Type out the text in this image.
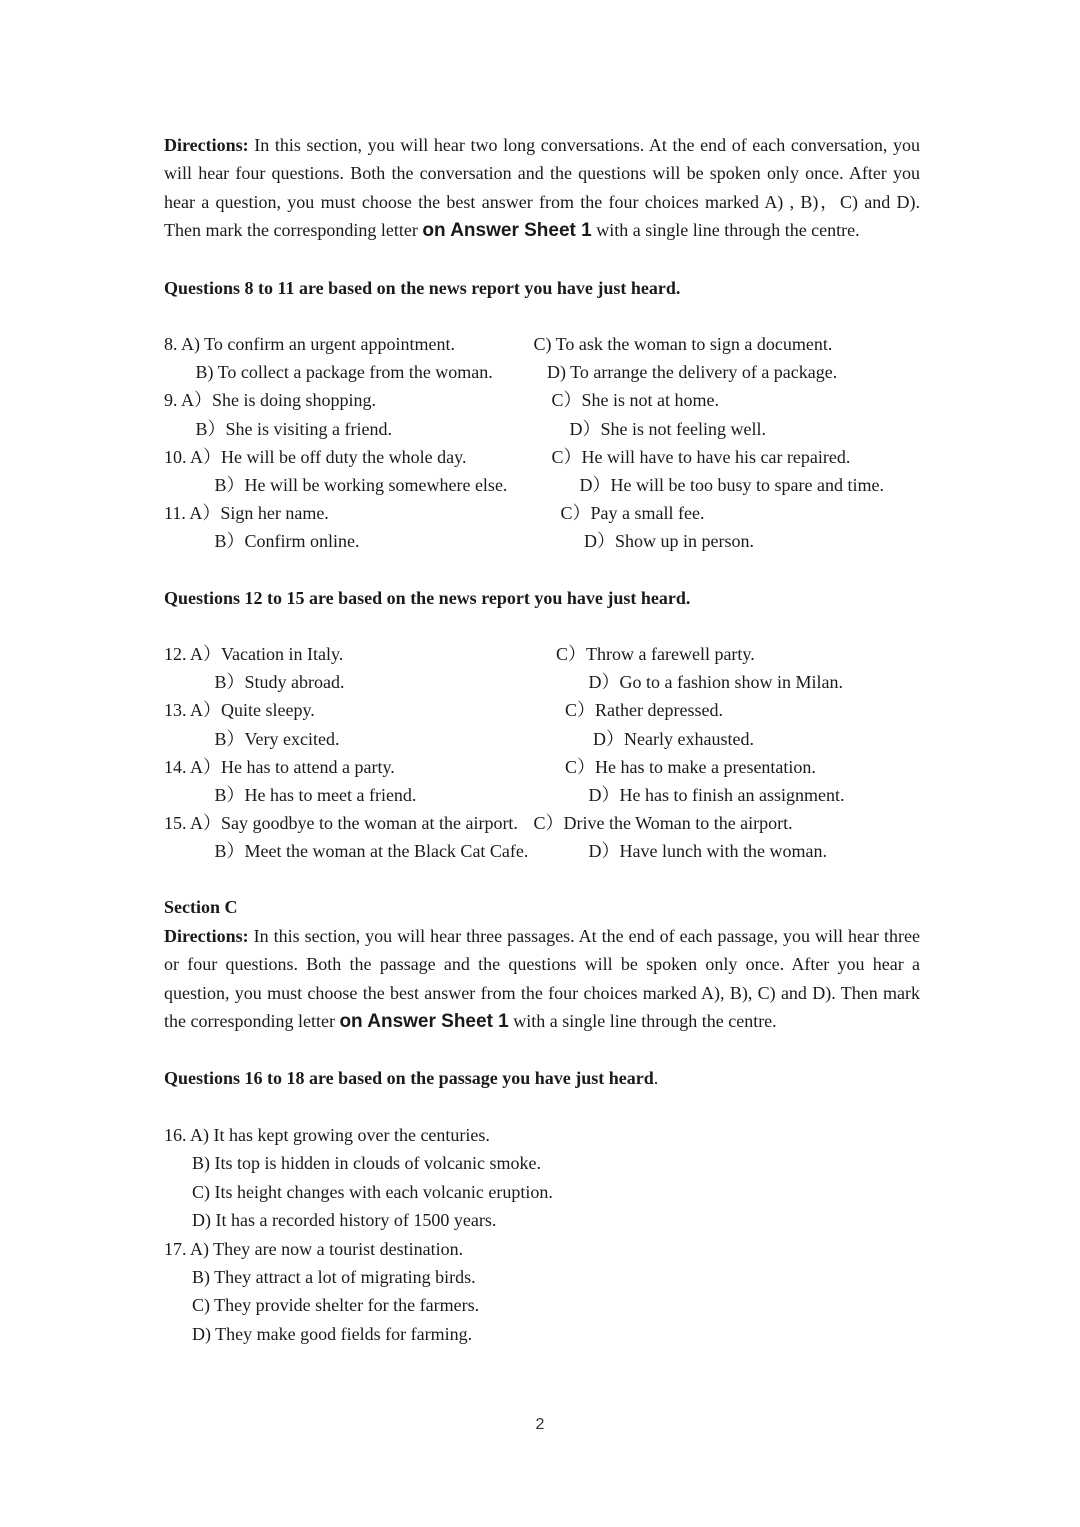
Directions: In this section, you will hear two long conversations. At the end of each conversation, you will hear four questions. Both the conversation and the questions will be spoken only once. After you hear a question, you must choose the best answer from the four choices marked A) , B)，C) and D). Then mark the corresponding letter on Answer Sheet 1 with a single line through the centre.

Questions 8 to 11 are based on the news report you have just heard.

8. A) To confirm an urgent appointment.	C) To ask the woman to sign a document.
B) To collect a package from the woman.	D) To arrange the delivery of a package.
9. A）She is doing shopping.	C）She is not at home.
B）She is visiting a friend.	D）She is not feeling well.
10. A）He will be off duty the whole day.	C）He will have to have his car repaired.
B）He will be working somewhere else.	D）He will be too busy to spare and time.
11. A）Sign her name.	C）Pay a small fee.
B）Confirm online.	D）Show up in person.

Questions 12 to 15 are based on the news report you have just heard.

12. A）Vacation in Italy.	C）Throw a farewell party.
B）Study abroad.	D）Go to a fashion show in Milan.
13. A）Quite sleepy.	C）Rather depressed.
B）Very excited.	D）Nearly exhausted.
14. A）He has to attend a party.	C）He has to make a presentation.
B）He has to meet a friend.	D）He has to finish an assignment.
15. A）Say goodbye to the woman at the airport. C）Drive the Woman to the airport.
B）Meet the woman at the Black Cat Cafe.	D）Have lunch with the woman.

Section C

Directions: In this section, you will hear three passages. At the end of each passage, you will hear three or four questions. Both the passage and the questions will be spoken only once. After you hear a question, you must choose the best answer from the four choices marked A), B), C) and D). Then mark the corresponding letter on Answer Sheet 1 with a single line through the centre.

Questions 16 to 18 are based on the passage you have just heard.

16. A) It has kept growing over the centuries.
B) Its top is hidden in clouds of volcanic smoke.
C) Its height changes with each volcanic eruption.
D) It has a recorded history of 1500 years.
17. A) They are now a tourist destination.
B) They attract a lot of migrating birds.
C) They provide shelter for the farmers.
D) They make good fields for farming.
2
